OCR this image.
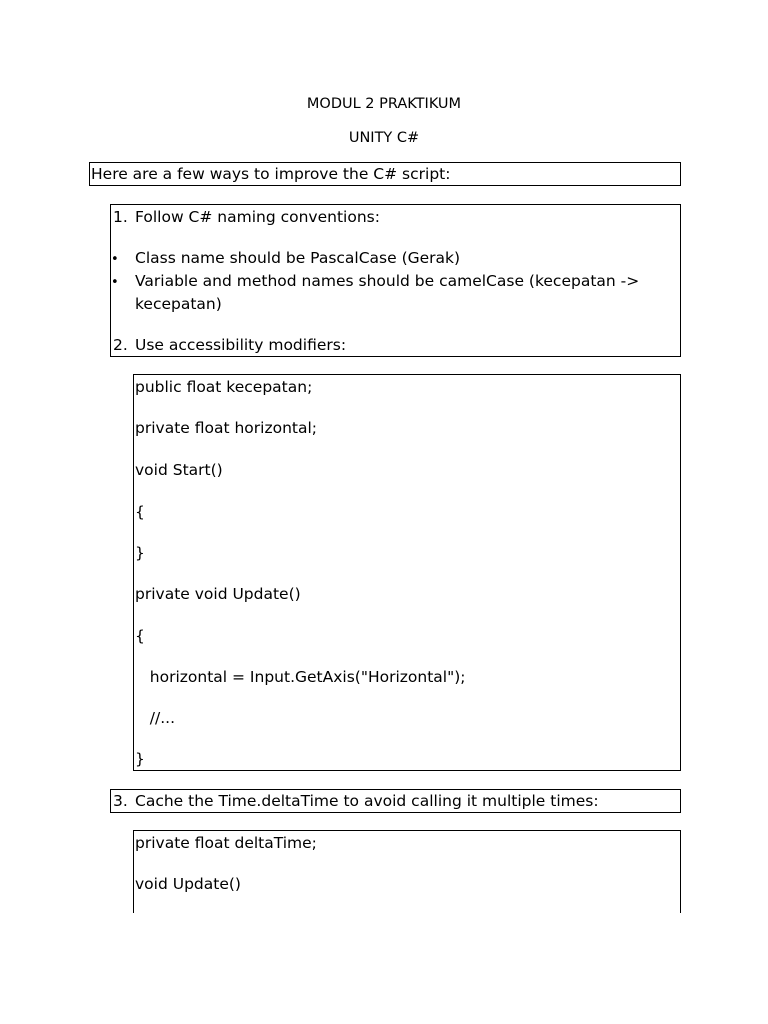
MODUL 2 PRAKTIKUM
UNITY C#
Here are a few ways to improve the C# script:
1. Follow C# naming conventions:
• Class name should be PascalCase (Gerak)
• Variable and method names should be camelCase (kecepatan ->
kecepatan)
2. Use accessibility modifiers:
public float kecepatan;
private float horizontal;
void Start()
{
}
private void Update()
{
horizontal = Input.GetAxis("Horizontal");
//...
}
3. Cache the Time.deltaTime to avoid calling it multiple times:
private float deltaTime;
void Update()
